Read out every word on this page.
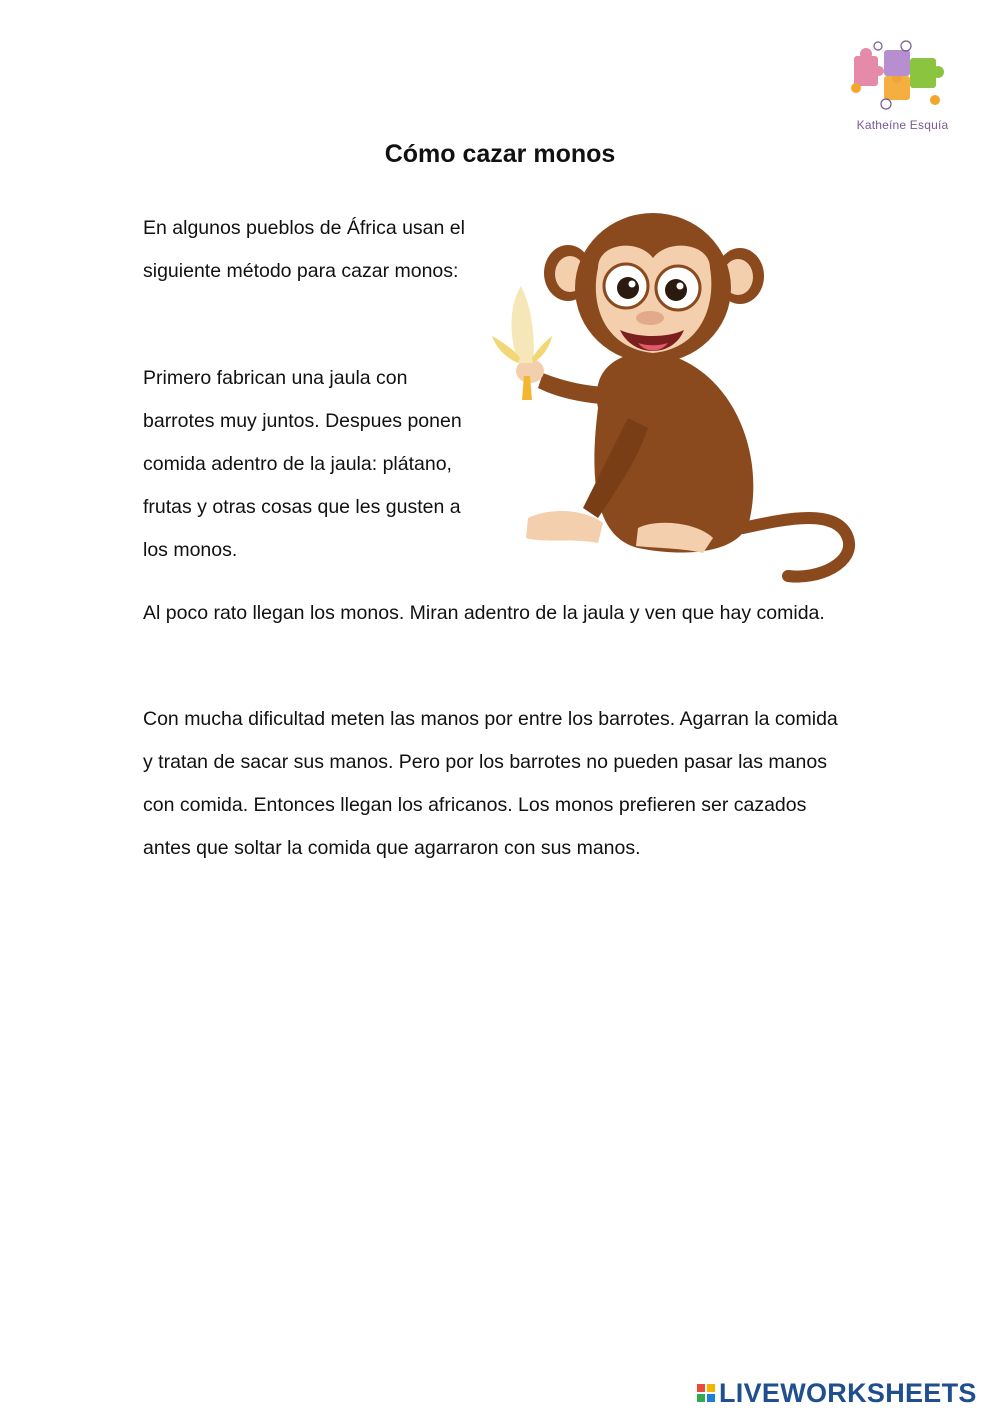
Katheíne Esquía
Cómo cazar monos

En algunos pueblos de África usan el siguiente método para cazar monos:

Primero fabrican una jaula con barrotes muy juntos. Despues ponen comida adentro de la jaula: plátano, frutas y otras cosas que les gusten a los monos.

Al poco rato llegan los monos. Miran adentro de la jaula y ven que hay comida.

Con mucha dificultad meten las manos por entre los barrotes. Agarran la comida y tratan de sacar sus manos. Pero por los barrotes no pueden pasar las manos con comida. Entonces llegan los africanos. Los monos prefieren ser cazados antes que soltar la comida que agarraron con sus manos.

LIVEWORKSHEETS
